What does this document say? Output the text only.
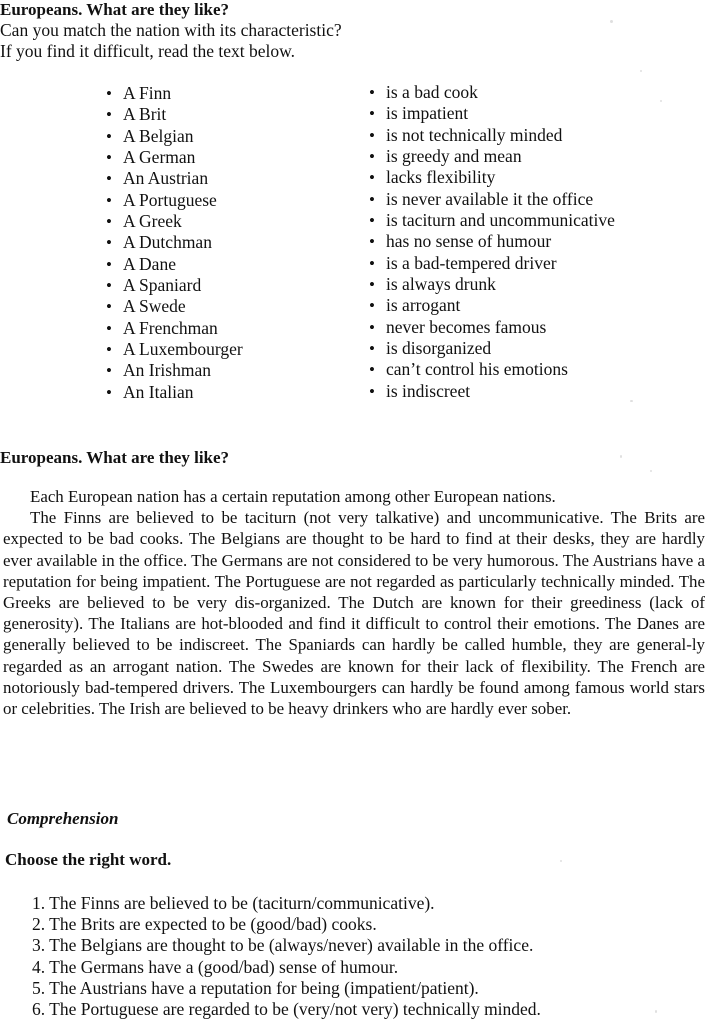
Europeans. What are they like?
Can you match the nation with its characteristic?
If you find it difficult, read the text below.
• A Finn
• A Brit
• A Belgian
• A German
• An Austrian
• A Portuguese
• A Greek
• A Dutchman
• A Dane
• A Spaniard
• A Swede
• A Frenchman
• A Luxembourger
• An Irishman
• An Italian
• is a bad cook
• is impatient
• is not technically minded
• is greedy and mean
• lacks flexibility
• is never available it the office
• is taciturn and uncommunicative
• has no sense of humour
• is a bad-tempered driver
• is always drunk
• is arrogant
• never becomes famous
• is disorganized
• can’t control his emotions
• is indiscreet
Europeans. What are they like?

Each European nation has a certain reputation among other European nations.

The Finns are believed to be taciturn (not very talkative) and uncommunicative. The Brits are expected to be bad cooks. The Belgians are thought to be hard to find at their desks, they are hardly ever available in the office. The Germans are not considered to be very humorous. The Austrians have a reputation for being impatient. The Portuguese are not regarded as particularly technically minded. The Greeks are believed to be very dis-organized. The Dutch are known for their greediness (lack of generosity). The Italians are hot-blooded and find it difficult to control their emotions. The Danes are generally believed to be indiscreet. The Spaniards can hardly be called humble, they are general-ly regarded as an arrogant nation. The Swedes are known for their lack of flexibility. The French are notoriously bad-tempered drivers. The Luxembourgers can hardly be found among famous world stars or celebrities. The Irish are believed to be heavy drinkers who are hardly ever sober.

Comprehension
Choose the right word.
1. The Finns are believed to be (taciturn/communicative).
2. The Brits are expected to be (good/bad) cooks.
3. The Belgians are thought to be (always/never) available in the office.
4. The Germans have a (good/bad) sense of humour.
5. The Austrians have a reputation for being (impatient/patient).
6. The Portuguese are regarded to be (very/not very) technically minded.
